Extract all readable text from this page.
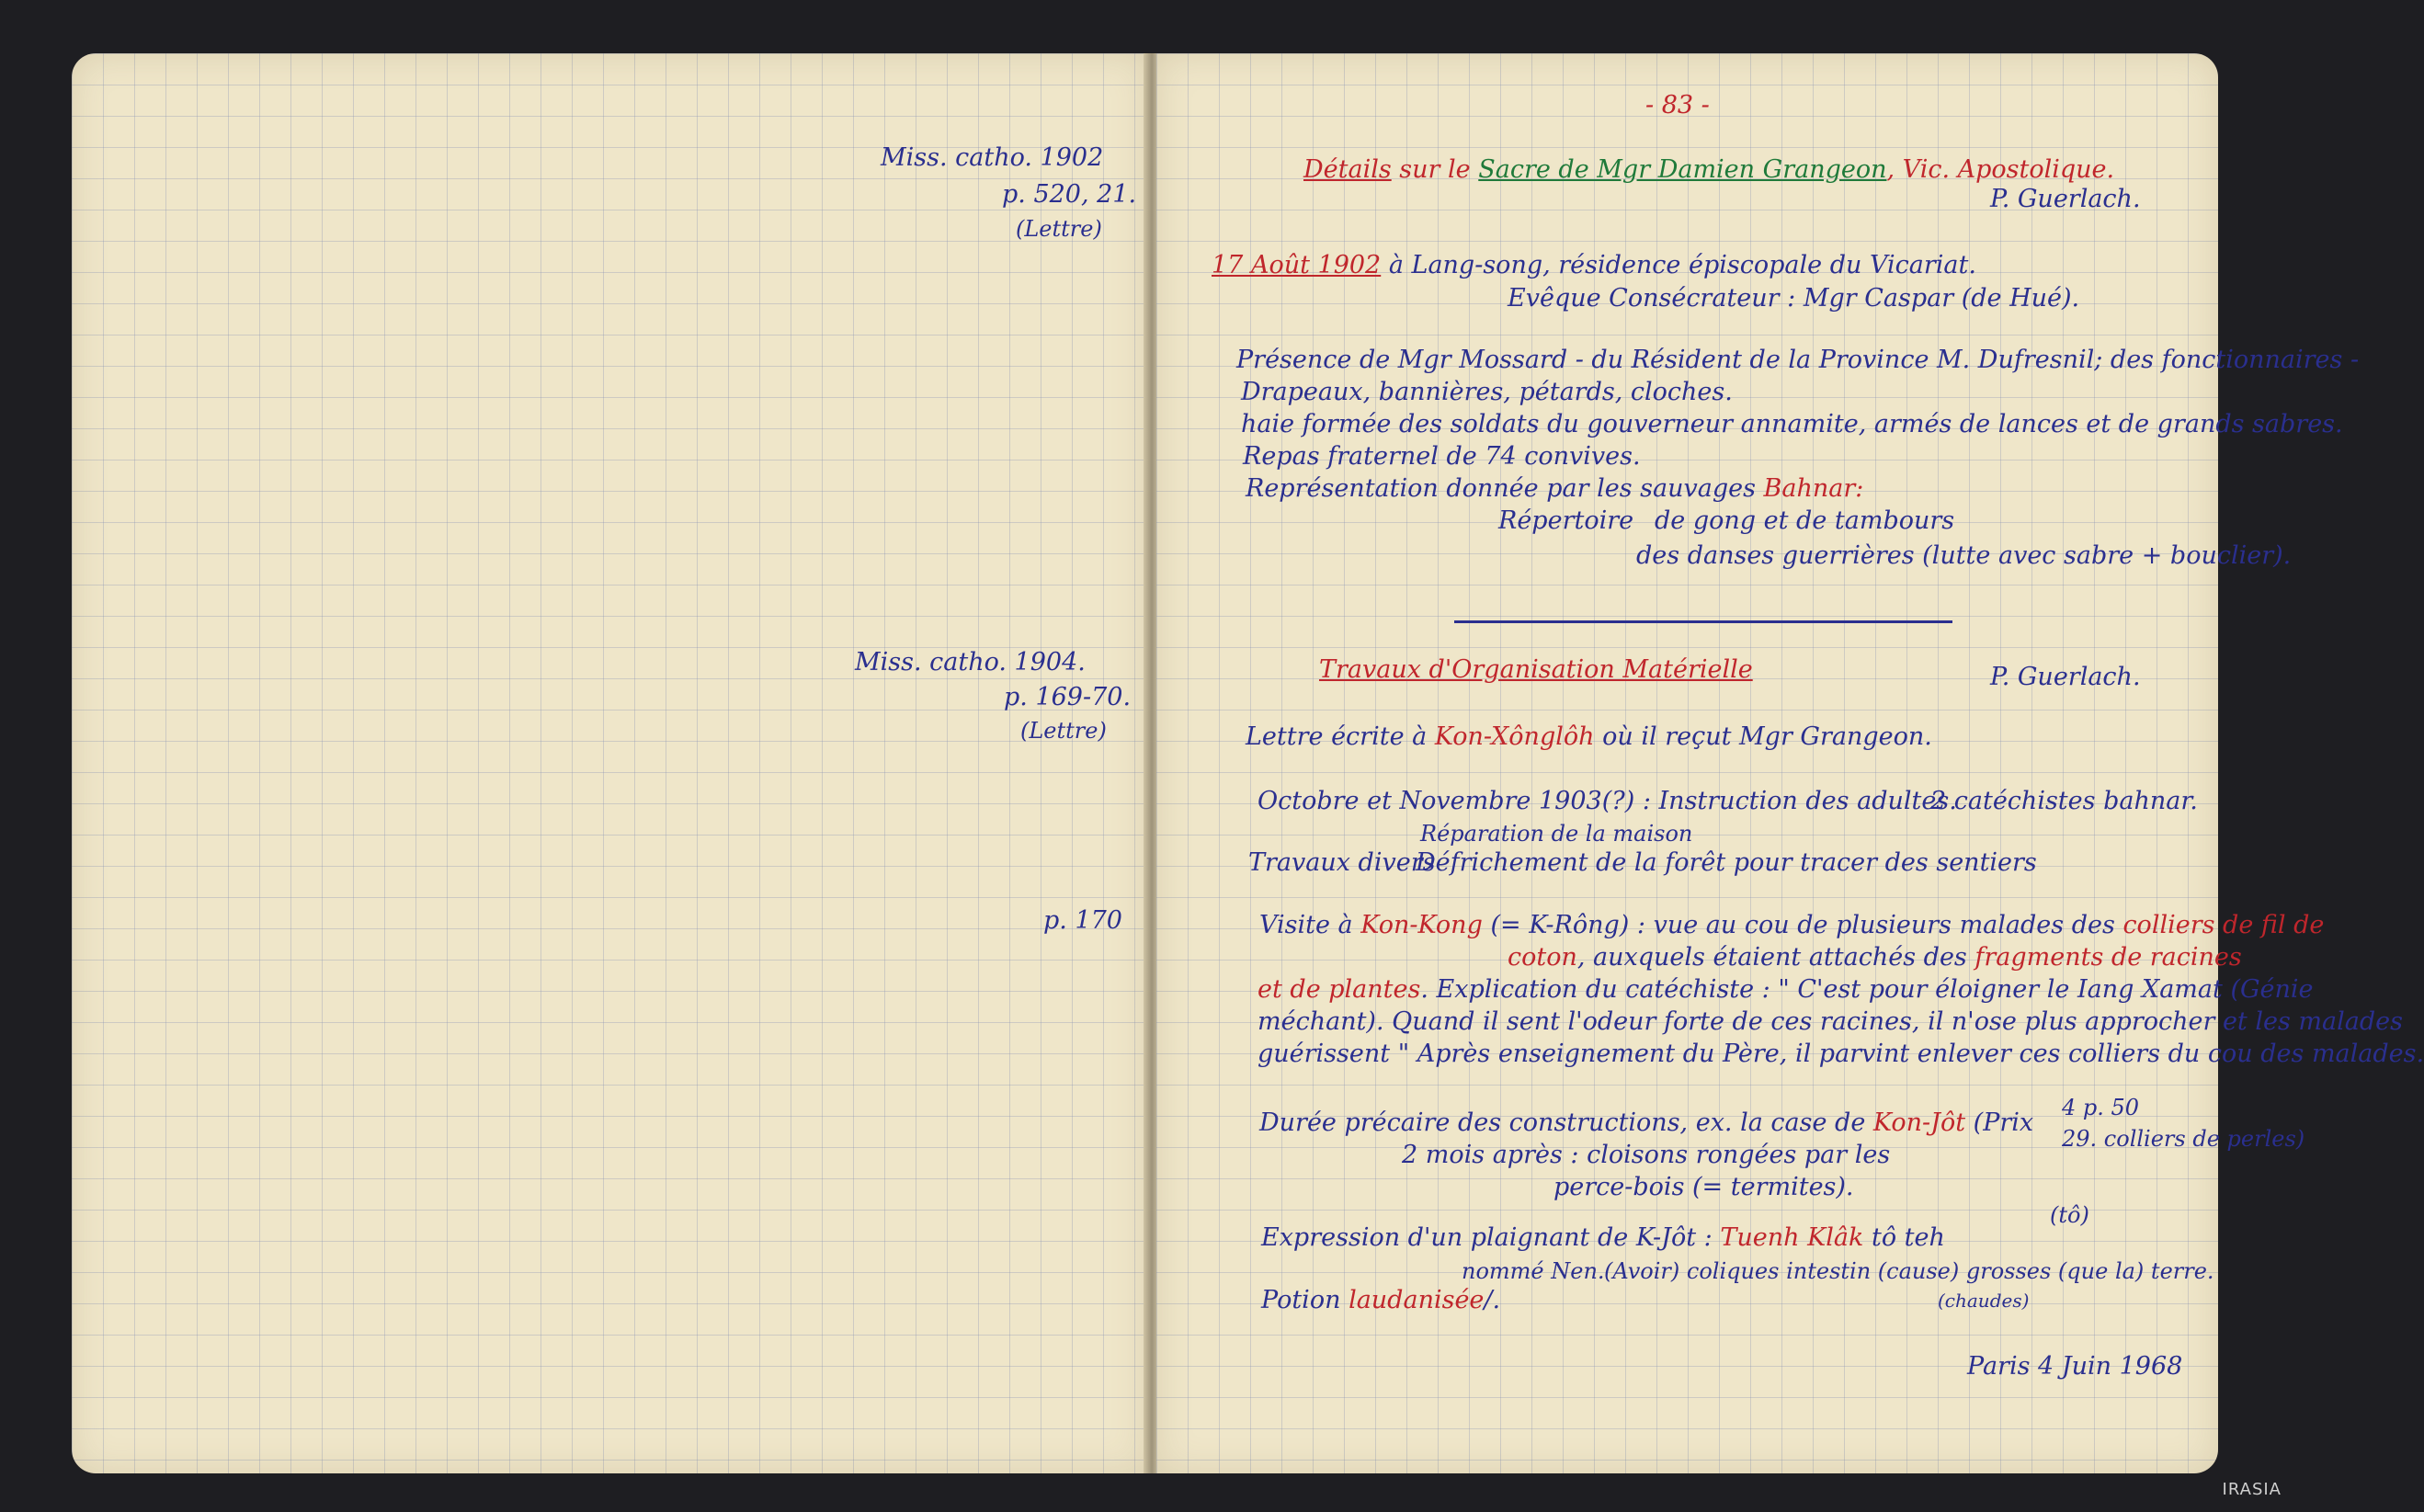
Miss. catho. 1902
p. 520, 21.
(Lettre)
Miss. catho. 1904.
p. 169-70.
(Lettre)
p. 170
- 83 -
Détails sur le Sacre de Mgr Damien Grangeon, Vic. Apostolique.
P. Guerlach.
17 Août 1902 à Lang-song, résidence épiscopale du Vicariat.
Evêque Consécrateur : Mgr Caspar (de Hué).
Présence de Mgr Mossard - du Résident de la Province M. Dufresnil; des fonctionnaires -
Drapeaux, bannières, pétards, cloches.
haie formée des soldats du gouverneur annamite, armés de lances et de grands sabres.
Repas fraternel de 74 convives.
Représentation donnée par les sauvages Bahnar:
Répertoire de gong et de tambours
des danses guerrières (lutte avec sabre + bouclier).
Travaux d'Organisation Matérielle	P. Guerlach.
Lettre écrite à Kon-Xônglôh où il reçut Mgr Grangeon.
Octobre et Novembre 1903(?) : Instruction des adultes.
2 catéchistes bahnar.
Réparation de la maison
Travaux divers
Défrichement de la forêt pour tracer des sentiers
Visite à Kon-Kong (= K-Rông) : vue au cou de plusieurs malades des colliers de fil de
coton, auxquels étaient attachés des fragments de racines
et de plantes. Explication du catéchiste : " C'est pour éloigner le Iang Xamat (Génie
méchant). Quand il sent l'odeur forte de ces racines, il n'ose plus approcher et les malades
guérissent " Après enseignement du Père, il parvint enlever ces colliers du cou des malades.
Durée précaire des constructions, ex. la case de Kon-Jôt (Prix
4 p. 50
29. colliers de perles)
2 mois après : cloisons rongées par les
perce-bois (= termites).
(tô)
Expression d'un plaignant de K-Jôt : Tuenh Klâk tô teh
nommé Nen. (Avoir) coliques intestin (cause) grosses (que la) terre.
(chaudes)
Potion laudanisée/.
Paris 4 Juin 1968
IRASIA
